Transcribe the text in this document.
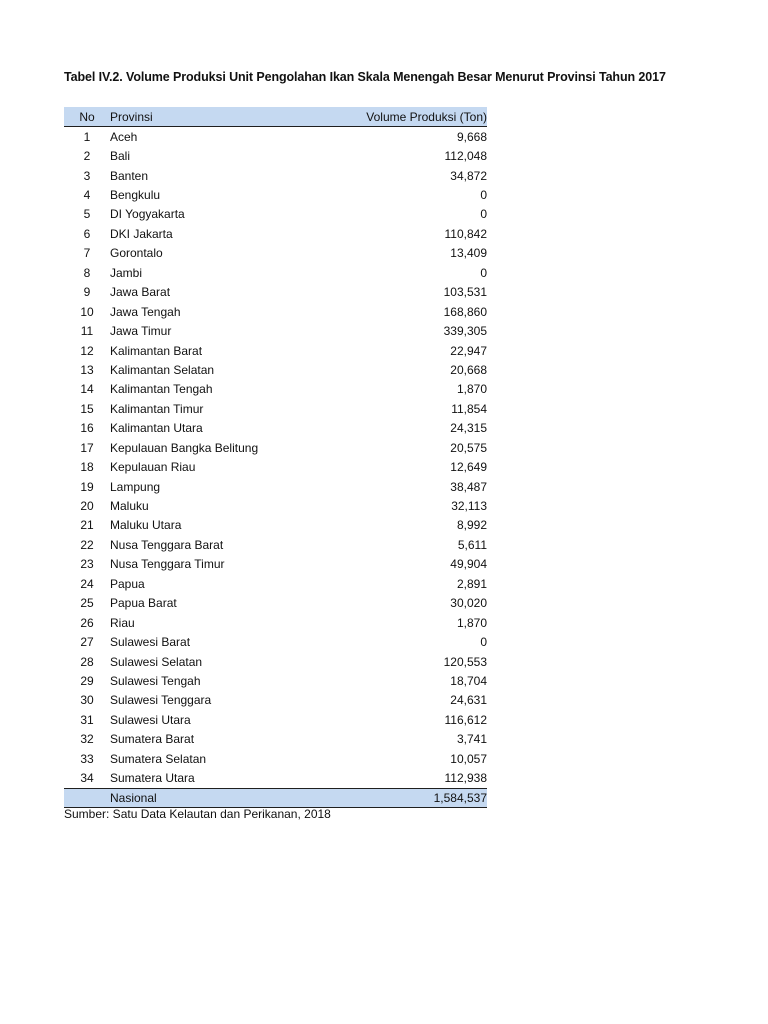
Tabel IV.2. Volume Produksi Unit Pengolahan Ikan Skala Menengah Besar Menurut Provinsi Tahun 2017
No	Provinsi	Volume Produksi (Ton)
1	Aceh	9,668
2	Bali	112,048
3	Banten	34,872
4	Bengkulu	0
5	DI Yogyakarta	0
6	DKI Jakarta	110,842
7	Gorontalo	13,409
8	Jambi	0
9	Jawa Barat	103,531
10	Jawa Tengah	168,860
11	Jawa Timur	339,305
12	Kalimantan Barat	22,947
13	Kalimantan Selatan	20,668
14	Kalimantan Tengah	1,870
15	Kalimantan Timur	11,854
16	Kalimantan Utara	24,315
17	Kepulauan Bangka Belitung	20,575
18	Kepulauan Riau	12,649
19	Lampung	38,487
20	Maluku	32,113
21	Maluku Utara	8,992
22	Nusa Tenggara Barat	5,611
23	Nusa Tenggara Timur	49,904
24	Papua	2,891
25	Papua Barat	30,020
26	Riau	1,870
27	Sulawesi Barat	0
28	Sulawesi Selatan	120,553
29	Sulawesi Tengah	18,704
30	Sulawesi Tenggara	24,631
31	Sulawesi Utara	116,612
32	Sumatera Barat	3,741
33	Sumatera Selatan	10,057
34	Sumatera Utara	112,938
	Nasional	1,584,537
Sumber: Satu Data Kelautan dan Perikanan, 2018
